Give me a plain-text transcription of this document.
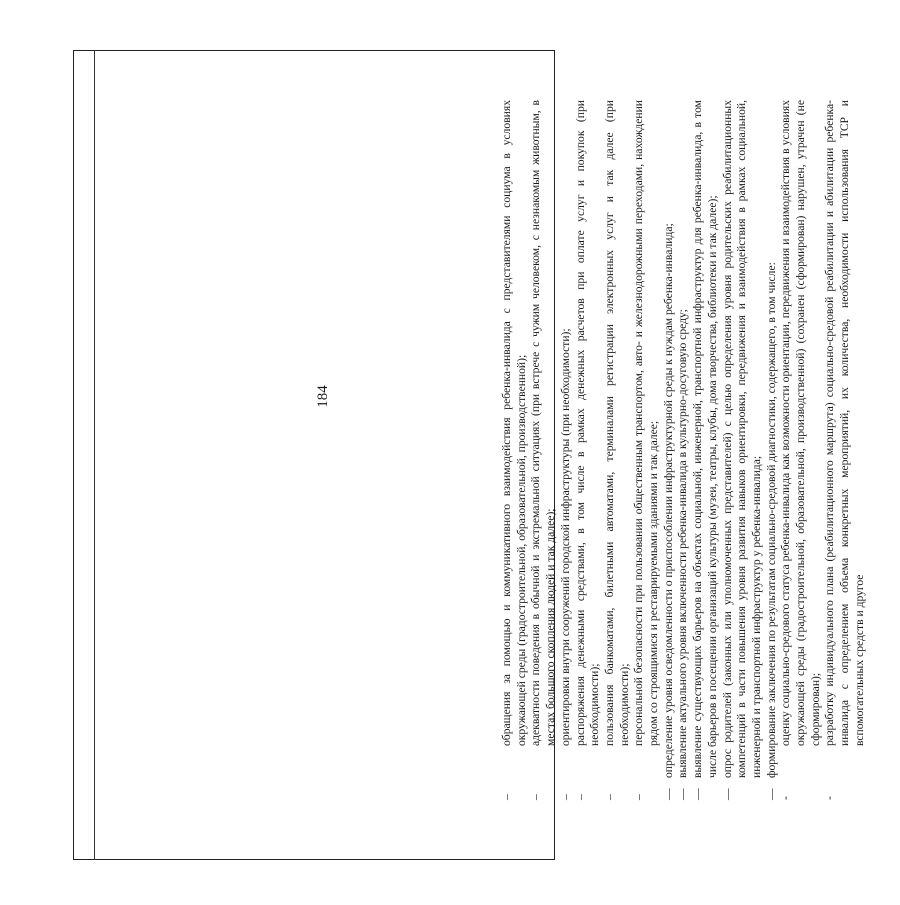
184
–
обращения за помощью и коммуникативного взаимодействия ребенка-инвалида с представителями социума в условиях окружающей среды (градостроительной, образовательной, производственной);
–
адекватности поведения в обычной и экстремальной ситуациях (при встрече с чужим человеком, с незнакомым животным, в местах большого скопления людей и так далее);
–
ориентировки внутри сооружений городской инфраструктуры (при необходимости);
–
распоряжения денежными средствами, в том числе в рамках денежных расчетов при оплате услуг и покупок (при необходимости);
–
пользования банкоматами, билетными автоматами, терминалами регистрации электронных услуг и так далее (при необходимости);
–
персональной безопасности при пользовании общественным транспортом, авто- и железнодорожными переходами, нахождении рядом со строящимися и реставрируемыми зданиями и так далее;
—
определение уровня осведомленности о приспособлении инфраструктурной среды к нуждам ребенка-инвалида;
—
выявление актуального уровня включенности ребенка-инвалида в культурно-досуговую среду;
—
выявление существующих барьеров на объектах социальной, инженерной, транспортной инфраструктур для ребенка-инвалида, в том числе барьеров в посещении организаций культуры (музеи, театры, клубы, дома творчества, библиотеки и так далее);
—
опрос родителей (законных или уполномоченных представителей) с целью определения уровня родительских реабилитационных компетенций в части повышения уровня развития навыков ориентировки, передвижения и взаимодействия в рамках социальной, инженерной и транспортной инфраструктур у ребенка-инвалида;
—
формирование заключения по результатам социально-средовой диагностики, содержащего, в том числе:
-
оценку социально-средового статуса ребенка-инвалида как возможности ориентации, передвижения и взаимодействия в условиях окружающей среды (градостроительной, образовательной, производственной) (сохранен (сформирован) нарушен, утрачен (не сформирован);
-
разработку индивидуального плана (реабилитационного маршрута) социально-средовой реабилитации и абилитации ребенка-инвалида с определением объема конкретных мероприятий, их количества, необходимости использования ТСР и вспомогательных средств и другое
